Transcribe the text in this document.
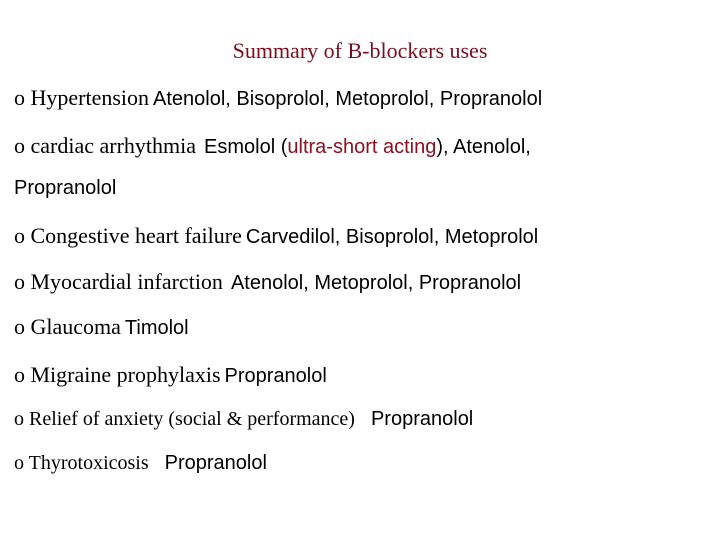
Summary of B-blockers uses
o Hypertension Atenolol, Bisoprolol, Metoprolol, Propranolol
o cardiac arrhythmia Esmolol (ultra-short acting), Atenolol,
Propranolol
o Congestive heart failure Carvedilol, Bisoprolol, Metoprolol
o Myocardial infarction Atenolol, Metoprolol, Propranolol
o Glaucoma Timolol
o Migraine prophylaxis Propranolol
o Relief of anxiety (social & performance) Propranolol
o Thyrotoxicosis Propranolol
